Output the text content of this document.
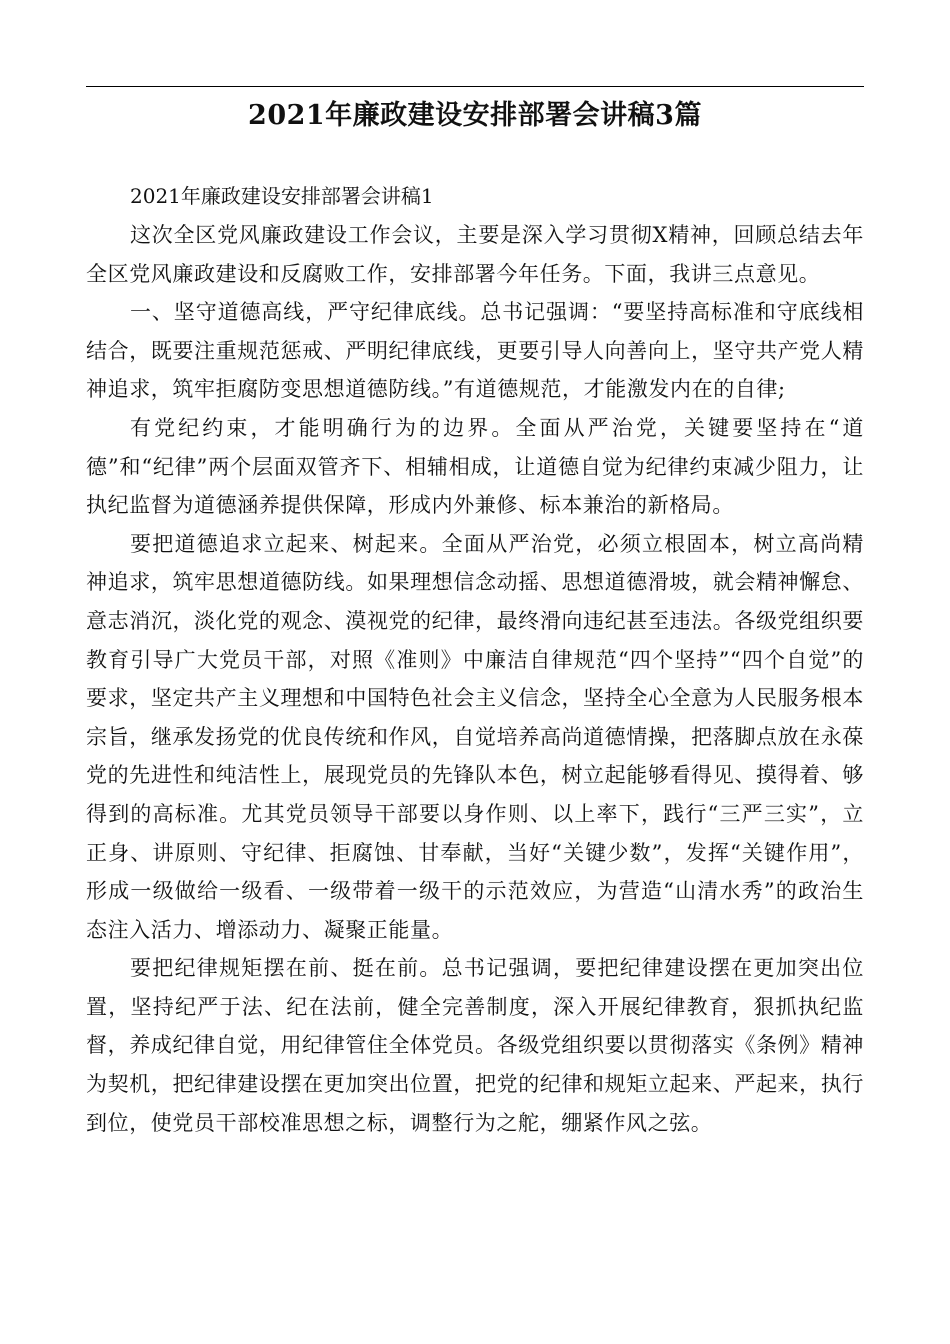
2021年廉政建设安排部署会讲稿3篇

2021年廉政建设安排部署会讲稿1

这次全区党风廉政建设工作会议，主要是深入学习贯彻X精神，回顾总结去年全区党风廉政建设和反腐败工作，安排部署今年任务。下面，我讲三点意见。

一、坚守道德高线，严守纪律底线。总书记强调：“要坚持高标准和守底线相结合，既要注重规范惩戒、严明纪律底线，更要引导人向善向上，坚守共产党人精神追求，筑牢拒腐防变思想道德防线。”有道德规范，才能激发内在的自律;

有党纪约束，才能明确行为的边界。全面从严治党，关键要坚持在“道德”和“纪律”两个层面双管齐下、相辅相成，让道德自觉为纪律约束减少阻力，让执纪监督为道德涵养提供保障，形成内外兼修、标本兼治的新格局。

要把道德追求立起来、树起来。全面从严治党，必须立根固本，树立高尚精神追求，筑牢思想道德防线。如果理想信念动摇、思想道德滑坡，就会精神懈怠、意志消沉，淡化党的观念、漠视党的纪律，最终滑向违纪甚至违法。各级党组织要教育引导广大党员干部，对照《准则》中廉洁自律规范“四个坚持”“四个自觉”的要求，坚定共产主义理想和中国特色社会主义信念，坚持全心全意为人民服务根本宗旨，继承发扬党的优良传统和作风，自觉培养高尚道德情操，把落脚点放在永葆党的先进性和纯洁性上，展现党员的先锋队本色，树立起能够看得见、摸得着、够得到的高标准。尤其党员领导干部要以身作则、以上率下，践行“三严三实”，立正身、讲原则、守纪律、拒腐蚀、甘奉献，当好“关键少数”，发挥“关键作用”，形成一级做给一级看、一级带着一级干的示范效应，为营造“山清水秀”的政治生态注入活力、增添动力、凝聚正能量。

要把纪律规矩摆在前、挺在前。总书记强调，要把纪律建设摆在更加突出位置，坚持纪严于法、纪在法前，健全完善制度，深入开展纪律教育，狠抓执纪监督，养成纪律自觉，用纪律管住全体党员。各级党组织要以贯彻落实《条例》精神为契机，把纪律建设摆在更加突出位置，把党的纪律和规矩立起来、严起来，执行到位，使党员干部校准思想之标，调整行为之舵，绷紧作风之弦。
